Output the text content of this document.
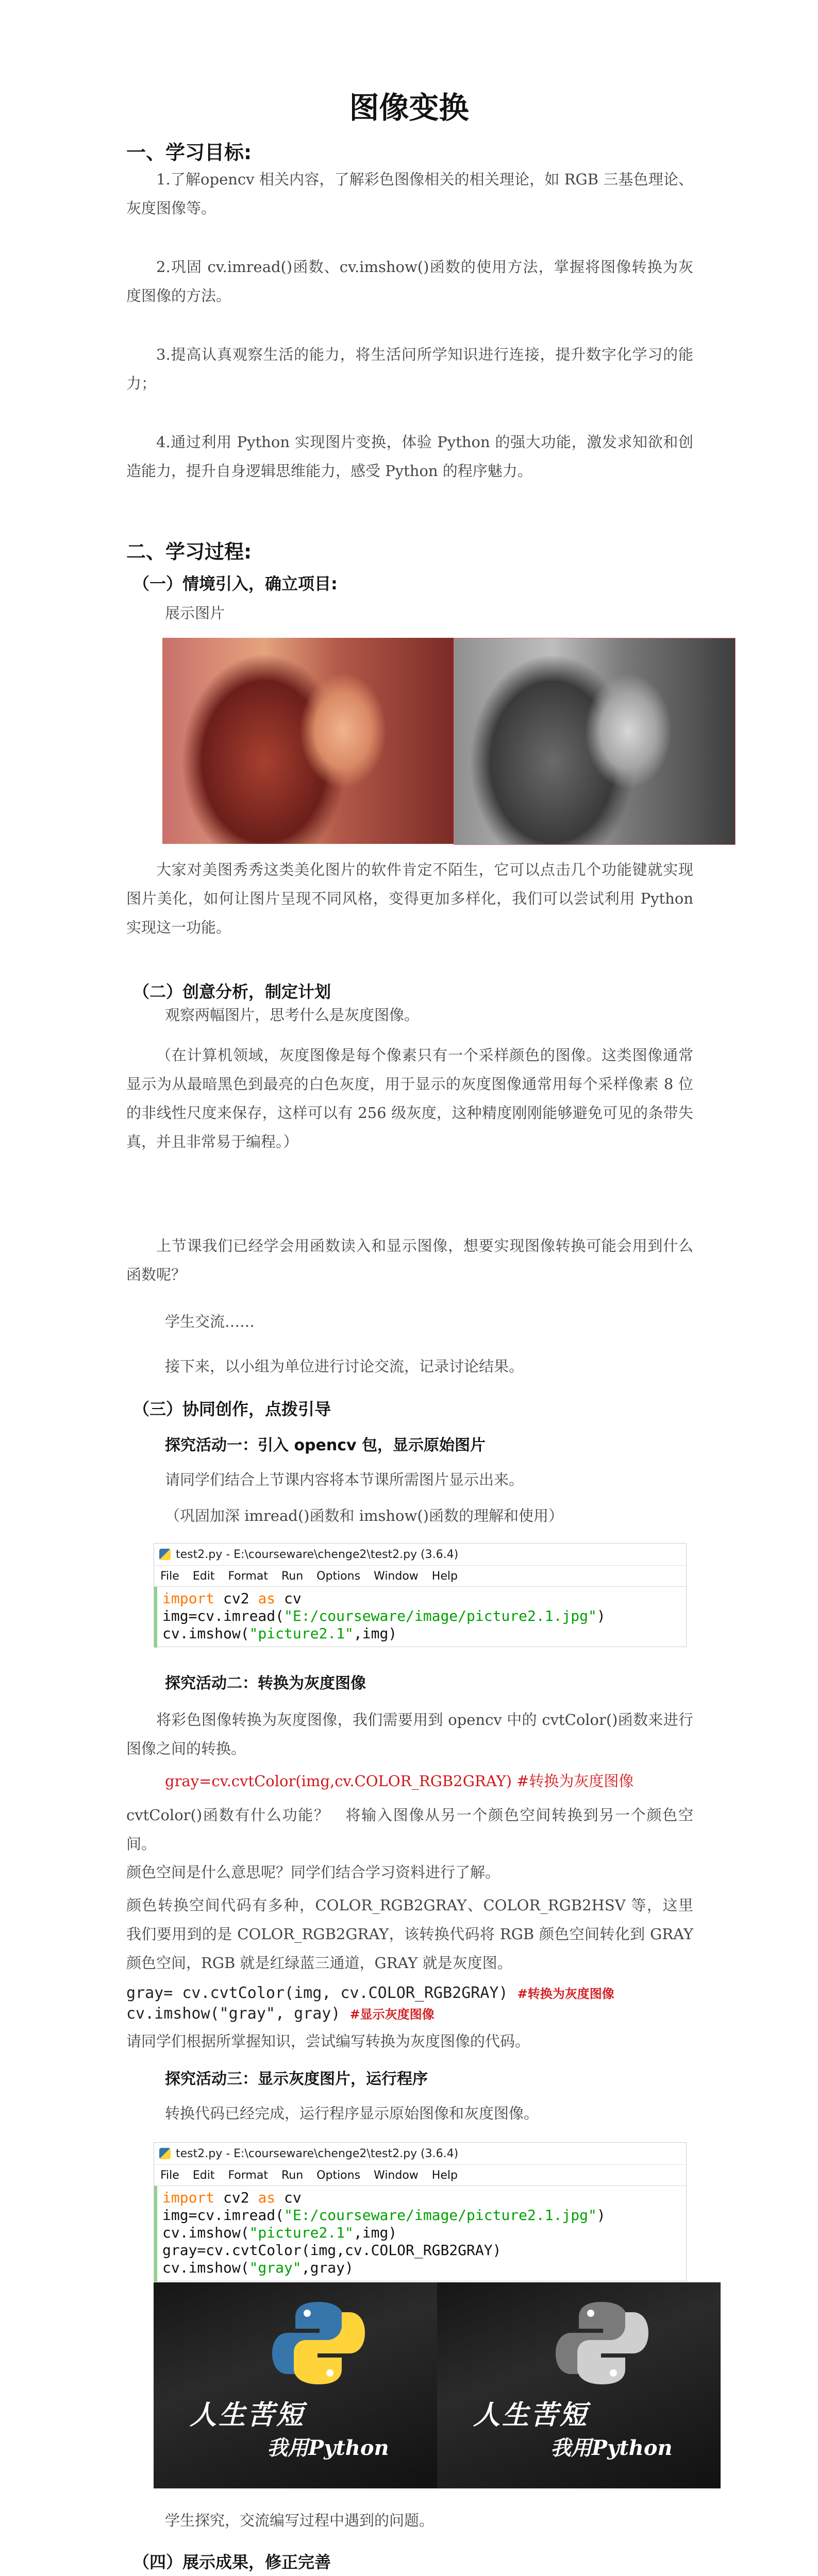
图像变换
一、学习目标:
1.了解opencv 相关内容，了解彩色图像相关的相关理论，如 RGB 三基色理论、灰度图像等。
2.巩固 cv.imread()函数、cv.imshow()函数的使用方法，掌握将图像转换为灰度图像的方法。
3.提高认真观察生活的能力，将生活问所学知识进行连接，提升数字化学习的能力；
4.通过利用 Python 实现图片变换，体验 Python 的强大功能，激发求知欲和创造能力，提升自身逻辑思维能力，感受 Python 的程序魅力。
二、学习过程:
（一）情境引入，确立项目:
展示图片
大家对美图秀秀这类美化图片的软件肯定不陌生，它可以点击几个功能键就实现图片美化，如何让图片呈现不同风格，变得更加多样化，我们可以尝试利用 Python 实现这一功能。
（二）创意分析，制定计划
观察两幅图片，思考什么是灰度图像。
（在计算机领域，灰度图像是每个像素只有一个采样颜色的图像。这类图像通常显示为从最暗黑色到最亮的白色灰度，用于显示的灰度图像通常用每个采样像素 8 位的非线性尺度来保存，这样可以有 256 级灰度，这种精度刚刚能够避免可见的条带失真，并且非常易于编程。）
上节课我们已经学会用函数读入和显示图像，想要实现图像转换可能会用到什么函数呢？
学生交流……
接下来，以小组为单位进行讨论交流，记录讨论结果。
（三）协同创作，点拨引导
探究活动一：引入 opencv 包，显示原始图片
请同学们结合上节课内容将本节课所需图片显示出来。
（巩固加深 imread()函数和 imshow()函数的理解和使用）
test2.py - E:\courseware\chenge2\test2.py (3.6.4)
File Edit Format Run Options Window Help
import cv2 as cv
img=cv.imread("E:/courseware/image/picture2.1.jpg")
cv.imshow("picture2.1",img)
探究活动二：转换为灰度图像
将彩色图像转换为灰度图像，我们需要用到 opencv 中的 cvtColor()函数来进行图像之间的转换。
gray=cv.cvtColor(img,cv.COLOR_RGB2GRAY) #转换为灰度图像
cvtColor()函数有什么功能？　将输入图像从另一个颜色空间转换到另一个颜色空间。
颜色空间是什么意思呢？同学们结合学习资料进行了解。
颜色转换空间代码有多种，COLOR_RGB2GRAY、COLOR_RGB2HSV 等，这里我们要用到的是 COLOR_RGB2GRAY，该转换代码将 RGB 颜色空间转化到 GRAY 颜色空间，RGB 就是红绿蓝三通道，GRAY 就是灰度图。
gray= cv.cvtColor(img, cv.COLOR_RGB2GRAY) #转换为灰度图像
cv.imshow("gray", gray) #显示灰度图像
请同学们根据所掌握知识，尝试编写转换为灰度图像的代码。
探究活动三：显示灰度图片，运行程序
转换代码已经完成，运行程序显示原始图像和灰度图像。
test2.py - E:\courseware\chenge2\test2.py (3.6.4)
File Edit Format Run Options Window Help
import cv2 as cv
img=cv.imread("E:/courseware/image/picture2.1.jpg")
cv.imshow("picture2.1",img)
gray=cv.cvtColor(img,cv.COLOR_RGB2GRAY)
cv.imshow("gray",gray)
人生苦短
我用Python
人生苦短
我用Python
学生探究，交流编写过程中遇到的问题。
（四）展示成果，修正完善
